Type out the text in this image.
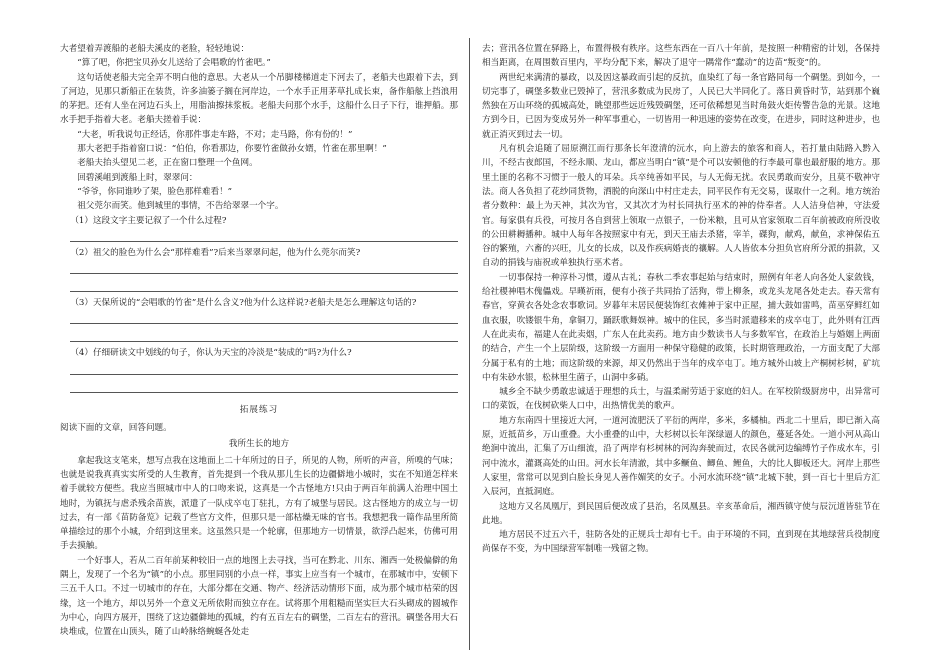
大者望着弄渡船的老船夫溪皮的老脸，轻轻地说：

“算了吧，你把宝贝孙女儿送给了会唱歌的竹雀吧。”

这句话使老船夫完全弄不明白他的意思。大老从一个吊脚楼梯道走下河去了，老船夫也跟着下去，到了河边，见那只新船正在装货，许多油篓子搁在河岸边，一个水手正用茅草扎成长束，备作船舷上挡浪用的茅把。还有人坐在河边石头上，用脂油擦抹浆板。老船夫问那个水手，这船什么日子下行，谁押船。那水手把手指着大老。老船夫搓着手说：

“大老，听我说句正经话，你那件事走车路，不对；走马路，你有份的！”

那大老把手指着窗口说：“伯伯，你看那边，你要竹雀做孙女婿，竹雀在那里啊！”

老船夫抬头望见二老，正在窗口整理一个鱼网。

回碧溪岨到渡船上时，翠翠问：

“爷爷，你同谁吵了架，脸色那样难看！”

祖父莞尔而笑。他到城里的事情，不告给翠翠一个字。

（1）这段文字主要记叙了一个什么过程?

（2）祖父的脸色为什么会“那样难看”?后来当翠翠问起，他为什么莞尔而笑?

（3）天保所说的“会唱歌的竹雀”是什么含义?他为什么这样说?老船夫是怎么理解这句话的?

（4）仔细研读文中划线的句子，你认为天宝的冷淡是“装成的”吗?为什么?

拓展练习

阅读下面的文章，回答问题。

我所生长的地方

拿起我这支笔来，想写点我在这地面上二十年所过的日子，所见的人物，所听的声音，所嗅的气味；也就是说我真真实实所受的人生教育，首先提到一个我从那儿生长的边疆僻地小城时，实在不知道怎样来着手就较方便些。我应当照城市中人的口吻来说，这真是一个古怪地方!只由于两百年前满人治理中国土地时，为镇抚与虐杀残余苗族，派遣了一队戍卒屯丁驻扎，方有了城堡与居民。这古怪地方的成立与一切过去，有一部《苗防备览》记载了些官方文件，但那只是一部枯燥无味的官书。我想把我一篇作品里所简单描绘过的那个小城，介绍到这里来。这虽然只是一个轮廓，但那地方一切情景，欲浮凸起来，仿佛可用手去摸触。

一个好事人，若从二百年前某种较旧一点的地图上去寻找，当可在黔北、川东、湘西一处极偏僻的角隅上，发现了一个名为“镇”的小点。那里同别的小点一样，事实上应当有一个城市，在那城市中，安顿下三五千人口。不过一切城市的存在，大部分都在交通、物产、经济活动情形下面，成为那个城市枯荣的因缘，这一个地方，却以另外一个意义无所依附而独立存在。试将那个用粗糙而坚实巨大石头砌成的圆城作为中心，向四方展开，围绕了这边疆僻地的孤城，约有五百左右的碉堡，二百左右的营汛。碉堡各用大石块堆成，位置在山顶头，随了山岭脉络蜿蜒各处走

去；营汛各位置在驿路上，布置得极有秩序。这些东西在一百八十年前，是按照一种精密的计划，各保持相当距离，在周围数百里内，平均分配下来，解决了退守一隅常作“蠢动”的边苗“叛变”的。

两世纪来满清的暴政，以及因这暴政而引起的反抗，血染红了每一条官路同每一个碉堡。到如今，一切完事了，碉堡多数业已毁掉了，营汛多数成为民房了，人民已大半同化了。落日黄昏时节，站到那个巍然独在万山环绕的孤城高处，眺望那些远近残毁碉堡，还可依稀想见当时角鼓火炬传警告急的光景。这地方到今日，已因为变成另外一种军事重心，一切皆用一种迅速的姿势在改变，在进步，同时这种进步，也就正消灭到过去一切。

凡有机会追随了屈原溯江而行那条长年澄清的沅水，向上游去的旅客和商人，若打量由陆路入黔入川，不经古夜郎国，不经永顺、龙山，都应当明白“镇”是个可以安顿他的行李最可靠也最舒服的地方。那里土匪的名称不习惯于一般人的耳朵。兵卒纯善如平民，与人无侮无扰。农民勇敢而安分，且莫不敬神守法。商人各负担了花纱同货物，洒脱的向深山中村庄走去，同平民作有无交易，谋取什一之利。地方统治者分数种：最上为天神，其次为官，又其次才为村长同执行巫术的神的侍奉者。人人洁身信神，守法爱官。每家俱有兵役，可按月各自到营上领取一点银子，一份米粮，且可从官家领取二百年前被政府所没收的公田耕耨播种。城中人每年各按照家中有无，到天王庙去杀猪，宰羊，磔狗，献鸡，献鱼，求神保佑五谷的繁殖，六畜的兴旺，儿女的长成，以及作疾病婚丧的禳解。人人皆依本分担负官府所分派的捐款，又自动的捐钱与庙祝或单独执行巫术者。

一切事保持一种淳朴习惯，遵从古礼；春秋二季农事起始与结束时，照例有年老人向各处人家敛钱，给社稷神唱木傀儡戏。早暵祈雨，便有小孩子共同抬了活狗，带上柳条，或龙头龙尾各处走去。春天常有春官，穿黄衣各处念农事歌词。岁暮年末居民便装饰红衣傩神于家中正屋，捕大鼓如雷鸣，苗巫穿鲜红如血衣服，吹镂银牛角，拿铜刀，踊跃歌舞娱神。城中的住民，多当时派遣移来的戍卒屯丁，此外则有江西人在此卖布，福建人在此卖烟，广东人在此卖药。地方由少数读书人与多数军官，在政治上与婚姻上两面的结合，产生一个上层阶级，这阶级一方面用一种保守稳健的政策，长时期管理政治，一方面支配了大部分属于私有的土地；而这阶级的来源，却又仍然出于当年的戍卒屯丁。地方城外山坡上产桐树杉树，矿坑中有朱砂水银，松林里生菌子，山洞中多硝。

城乡全不缺少勇敢忠诚适于理想的兵士，与温柔耐劳适于家庭的妇人。在军校阶级厨房中，出异常可口的菜饭，在伐树砍柴人口中，出热情优美的歌声。

地方东南四十里接近大河，一道河流肥沃了平衍的两岸，多米，多橘柚。西北二十里后，即已渐入高原，近抵苗乡，万山重叠。大小重叠的山中，大杉树以长年深绿逼人的颜色，蔓延各处。一道小河从高山绝涧中流出，汇集了万山细流，沿了两岸有杉树林的河沟奔驶而过，农民各就河边编缚竹子作成水车，引河中流水，灌溉高处的山田。河水长年清澈，其中多鳜鱼、鲫鱼、鲤鱼，大的比人脚板还大。河岸上那些人家里，常常可以见到白脸长身见人善作媚笑的女子。小河水流环绕“镇”北城下驶，到一百七十里后方汇入辰河，直抵洞庭。

这地方又名凤凰厅，到民国后便改成了县治，名凤凰县。辛亥革命后，湘西镇守使与辰沅道皆驻节在此地。

地方居民不过五六千，驻防各处的正规兵士却有七千。由于环境的不同，直到现在其地绿营兵役制度尚保存不变，为中国绿营军制唯一残留之物。
